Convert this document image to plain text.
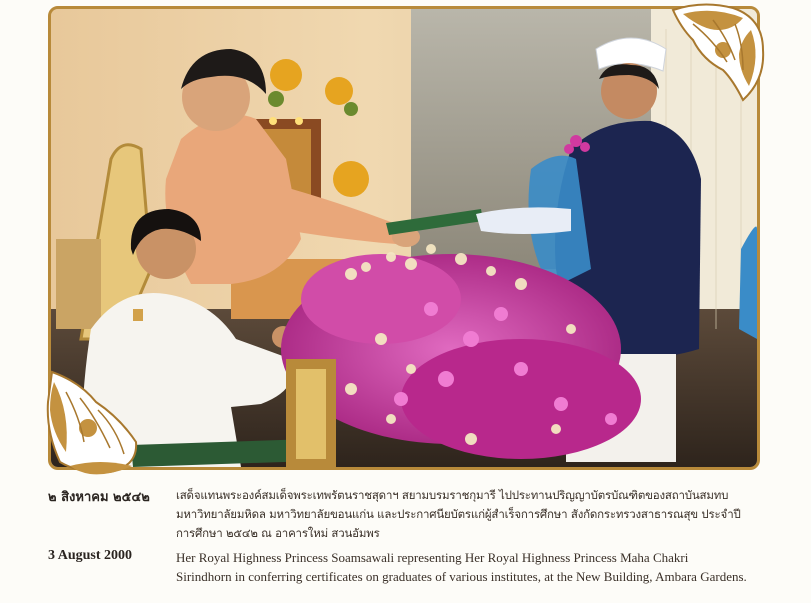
๒ สิงหาคม ๒๕๔๒	เสด็จแทนพระองค์สมเด็จพระเทพรัตนราชสุดาฯ สยามบรมราชกุมารี ไปประทานปริญญาบัตรบัณฑิตของสถาบันสมทบ

มหาวิทยาลัยมหิดล มหาวิทยาลัยขอนแก่น และประกาศนียบัตรแก่ผู้สำเร็จการศึกษา สังกัดกระทรวงสาธารณสุข ประจำปี

การศึกษา ๒๕๔๒ ณ อาคารใหม่ สวนอัมพร

3 August 2000	Her Royal Highness Princess Soamsawali representing Her Royal Highness Princess Maha Chakri

Sirindhorn in conferring certificates on graduates of various institutes, at the New Building, Ambara Gardens.
